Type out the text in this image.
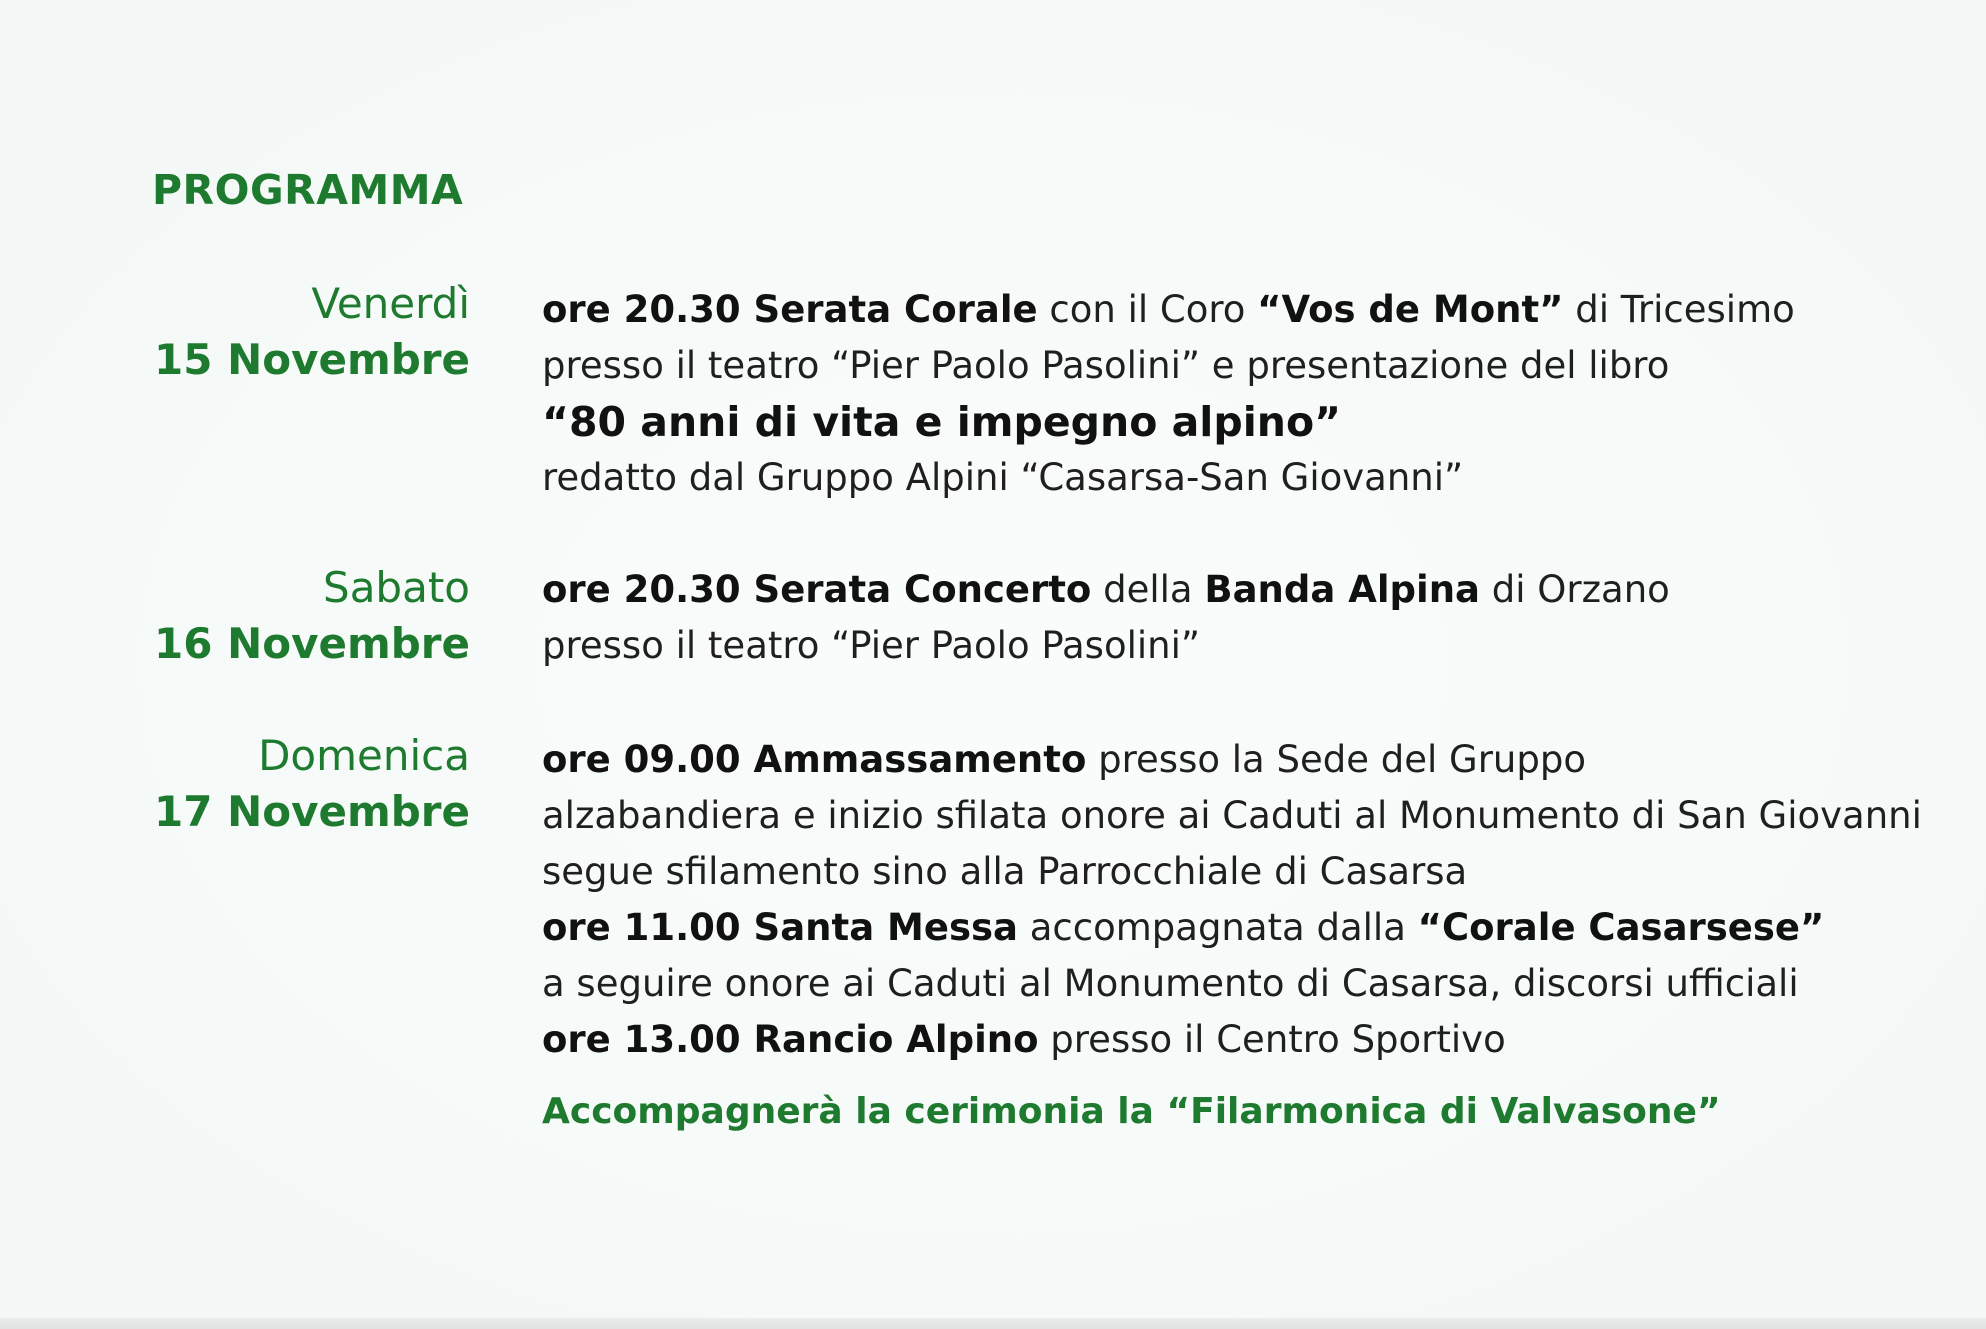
PROGRAMMA
Venerdì
15 Novembre
ore 20.30 Serata Corale con il Coro “Vos de Mont” di Tricesimo
presso il teatro “Pier Paolo Pasolini” e presentazione del libro
“80 anni di vita e impegno alpino”
redatto dal Gruppo Alpini “Casarsa-San Giovanni”
Sabato
16 Novembre
ore 20.30 Serata Concerto della Banda Alpina di Orzano
presso il teatro “Pier Paolo Pasolini”
Domenica
17 Novembre
ore 09.00 Ammassamento presso la Sede del Gruppo
alzabandiera e inizio sfilata onore ai Caduti al Monumento di San Giovanni
segue sfilamento sino alla Parrocchiale di Casarsa
ore 11.00 Santa Messa accompagnata dalla “Corale Casarsese”
a seguire onore ai Caduti al Monumento di Casarsa, discorsi ufficiali
ore 13.00 Rancio Alpino presso il Centro Sportivo
Accompagnerà la cerimonia la “Filarmonica di Valvasone”
